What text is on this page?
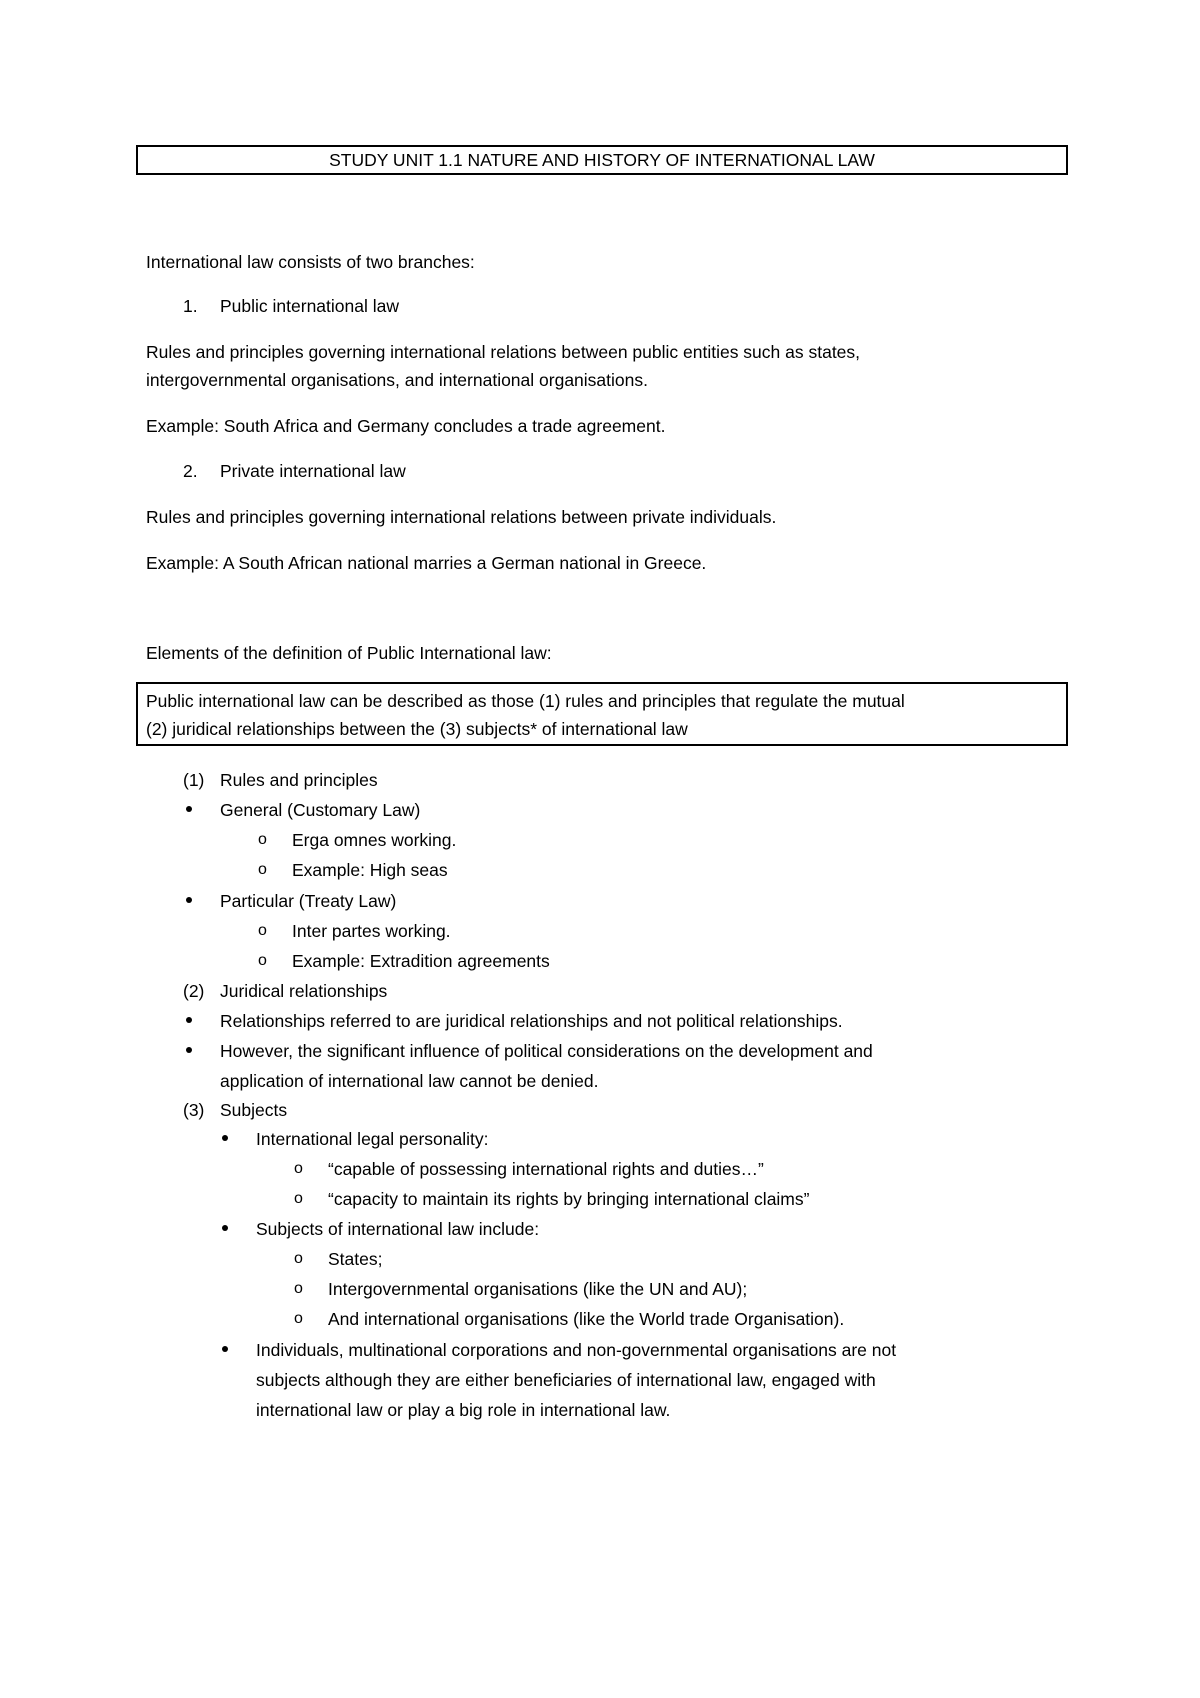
STUDY UNIT 1.1 NATURE AND HISTORY OF INTERNATIONAL LAW
International law consists of two branches:
1. Public international law
Rules and principles governing international relations between public entities such as states,
intergovernmental organisations, and international organisations.
Example: South Africa and Germany concludes a trade agreement.
2. Private international law
Rules and principles governing international relations between private individuals.
Example: A South African national marries a German national in Greece.
Elements of the definition of Public International law:
Public international law can be described as those (1) rules and principles that regulate the mutual
(2) juridical relationships between the (3) subjects* of international law
(1) Rules and principles
General (Customary Law)
o Erga omnes working.
o Example: High seas
Particular (Treaty Law)
o Inter partes working.
o Example: Extradition agreements
(2) Juridical relationships
Relationships referred to are juridical relationships and not political relationships.
However, the significant influence of political considerations on the development and
application of international law cannot be denied.
(3) Subjects
International legal personality:
o “capable of possessing international rights and duties…”
o “capacity to maintain its rights by bringing international claims”
Subjects of international law include:
o States;
o Intergovernmental organisations (like the UN and AU);
o And international organisations (like the World trade Organisation).
Individuals, multinational corporations and non-governmental organisations are not
subjects although they are either beneficiaries of international law, engaged with
international law or play a big role in international law.
